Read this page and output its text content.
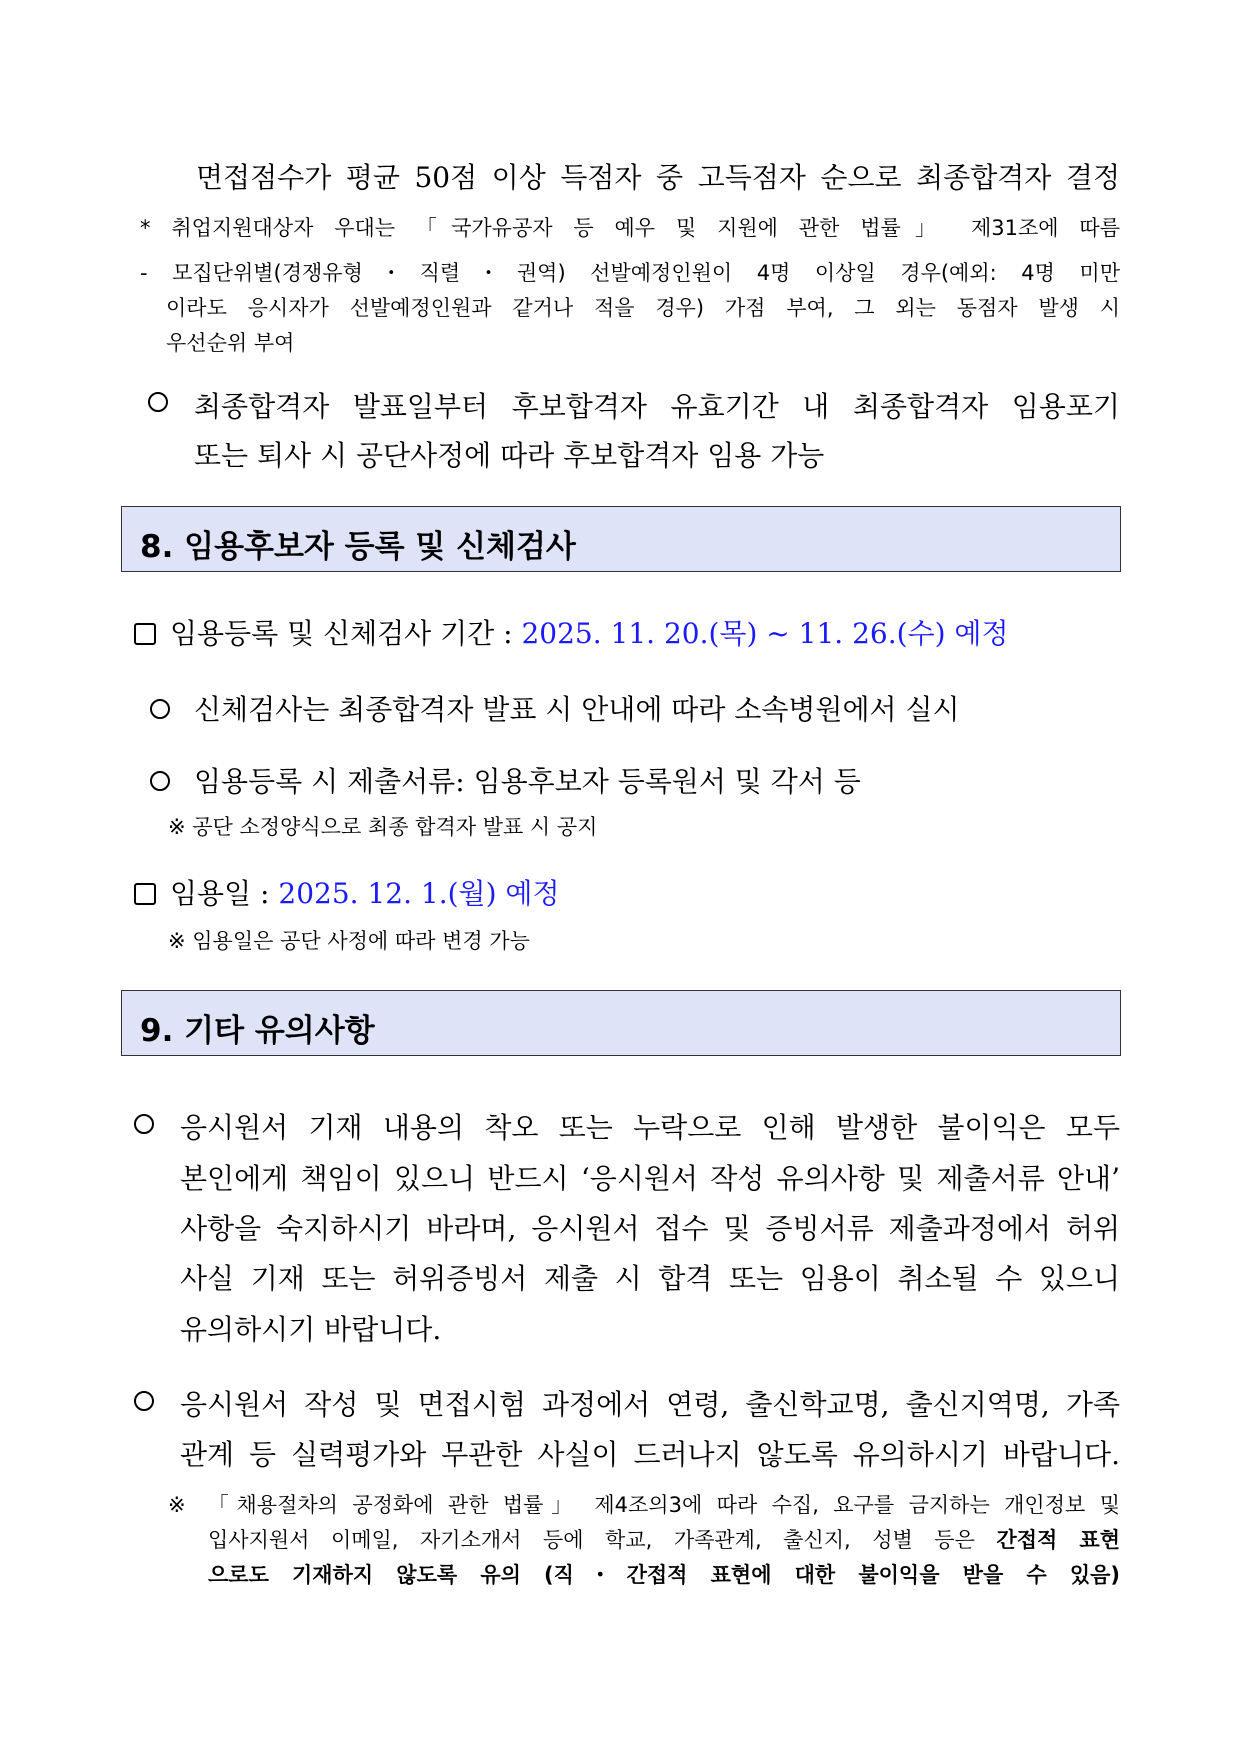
면접점수가 평균 50점 이상 득점자 중 고득점자 순으로 최종합격자 결정
* 취업지원대상자 우대는 「국가유공자 등 예우 및 지원에 관한 법률」 제31조에 따름
- 모집단위별(경쟁유형・직렬・권역) 선발예정인원이 4명 이상일 경우(예외: 4명 미만
이라도 응시자가 선발예정인원과 같거나 적을 경우) 가점 부여, 그 외는 동점자 발생 시
우선순위 부여
최종합격자 발표일부터 후보합격자 유효기간 내 최종합격자 임용포기
또는 퇴사 시 공단사정에 따라 후보합격자 임용 가능
8. 임용후보자 등록 및 신체검사
임용등록 및 신체검사 기간 : 2025. 11. 20.(목) ~ 11. 26.(수) 예정
신체검사는 최종합격자 발표 시 안내에 따라 소속병원에서 실시
임용등록 시 제출서류: 임용후보자 등록원서 및 각서 등
※ 공단 소정양식으로 최종 합격자 발표 시 공지
임용일 : 2025. 12. 1.(월) 예정
※ 임용일은 공단 사정에 따라 변경 가능
9. 기타 유의사항
응시원서 기재 내용의 착오 또는 누락으로 인해 발생한 불이익은 모두
본인에게 책임이 있으니 반드시 ‘응시원서 작성 유의사항 및 제출서류 안내’
사항을 숙지하시기 바라며, 응시원서 접수 및 증빙서류 제출과정에서 허위
사실 기재 또는 허위증빙서 제출 시 합격 또는 임용이 취소될 수 있으니
유의하시기 바랍니다.
응시원서 작성 및 면접시험 과정에서 연령, 출신학교명, 출신지역명, 가족
관계 등 실력평가와 무관한 사실이 드러나지 않도록 유의하시기 바랍니다.
※ 「채용절차의 공정화에 관한 법률」 제4조의3에 따라 수집, 요구를 금지하는 개인정보 및
입사지원서 이메일, 자기소개서 등에 학교, 가족관계, 출신지, 성별 등은 간접적 표현
으로도 기재하지 않도록 유의 (직・간접적 표현에 대한 불이익을 받을 수 있음)
